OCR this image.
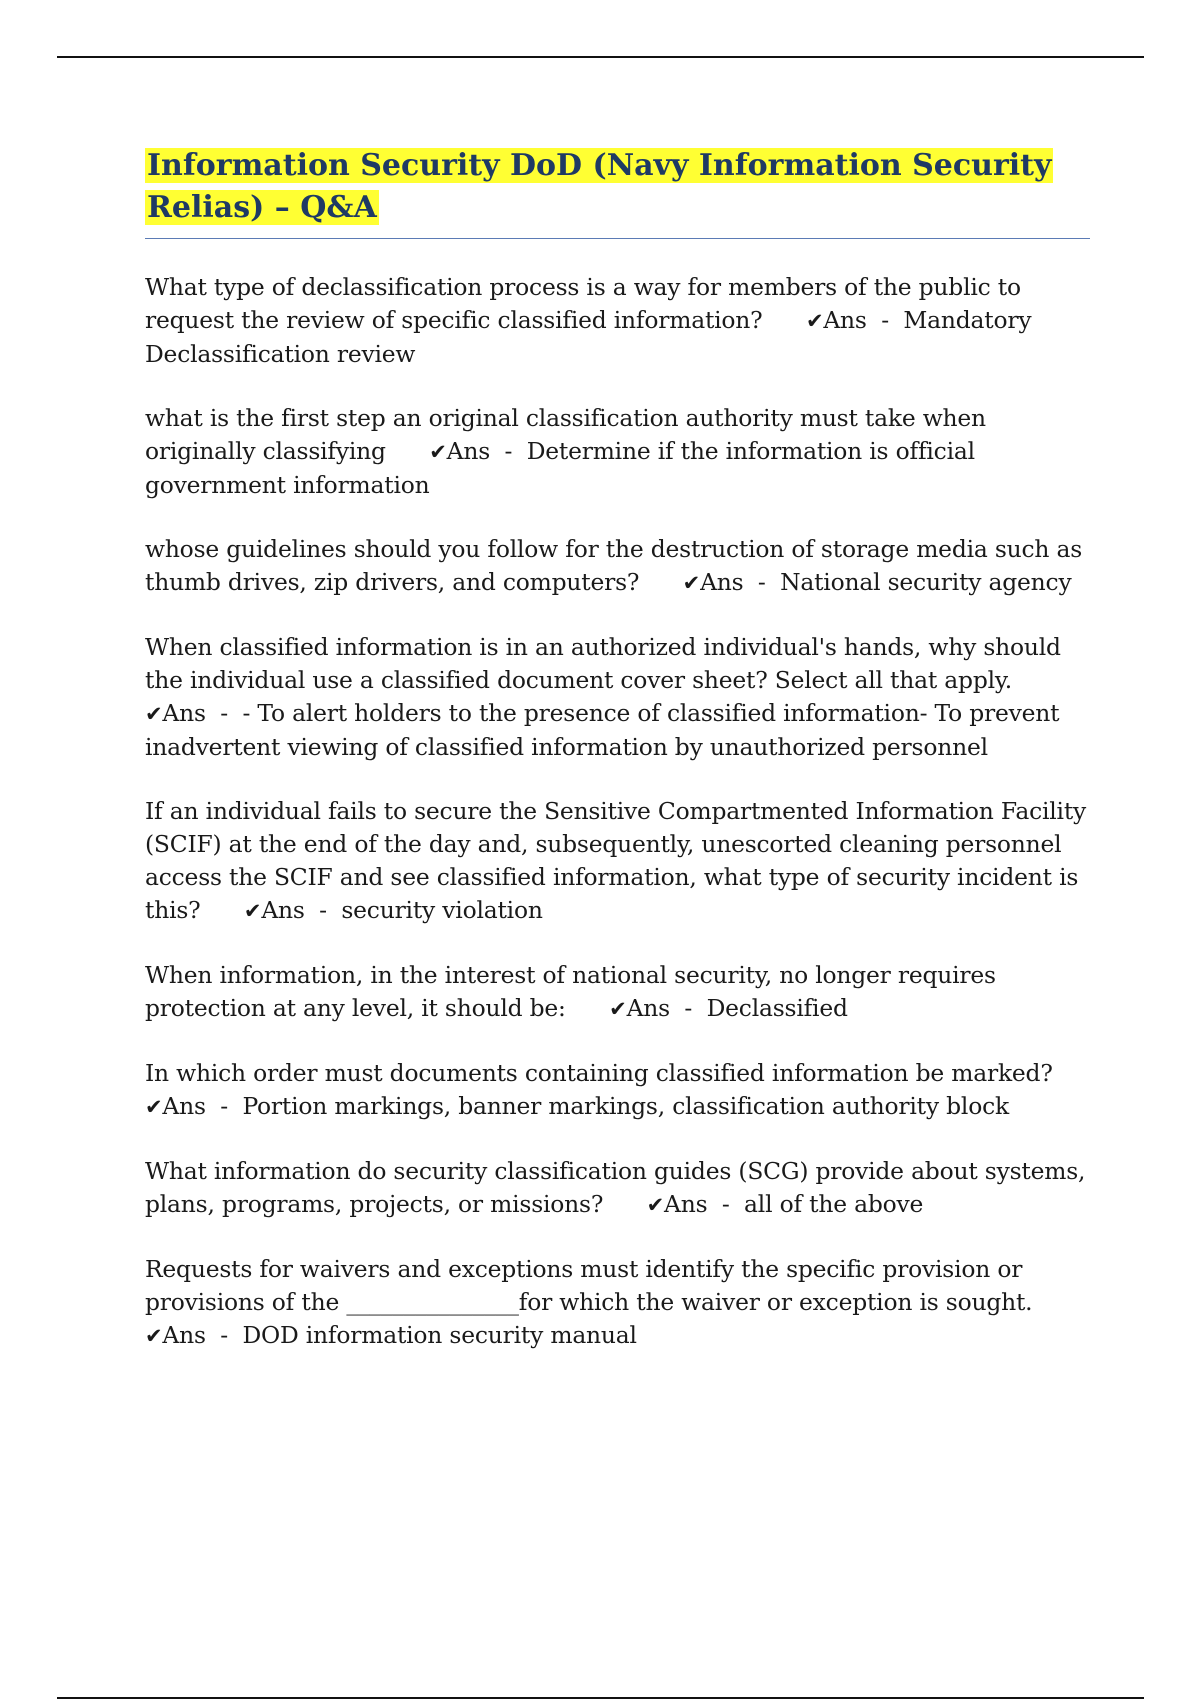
Information Security DoD (Navy Information Security Relias) – Q&A

What type of declassification process is a way for members of the public to request the review of specific classified information? ✔Ans  -  Mandatory Declassification review

what is the first step an original classification authority must take when originally classifying ✔Ans  -  Determine if the information is official government information

whose guidelines should you follow for the destruction of storage media such as thumb drives, zip drivers, and computers? ✔Ans  -  National security agency

When classified information is in an authorized individual's hands, why should the individual use a classified document cover sheet? Select all that apply.      ✔Ans  -  - To alert holders to the presence of classified information- To prevent inadvertent viewing of classified information by unauthorized personnel

If an individual fails to secure the Sensitive Compartmented Information Facility (SCIF) at the end of the day and, subsequently, unescorted cleaning personnel access the SCIF and see classified information, what type of security incident is this? ✔Ans  -  security violation

When information, in the interest of national security, no longer requires protection at any level, it should be: ✔Ans  -  Declassified

In which order must documents containing classified information be marked?      ✔Ans  -  Portion markings, banner markings, classification authority block

What information do security classification guides (SCG) provide about systems, plans, programs, projects, or missions? ✔Ans  -  all of the above

Requests for waivers and exceptions must identify the specific provision or provisions of the _______________for which the waiver or exception is sought.      ✔Ans  -  DOD information security manual
